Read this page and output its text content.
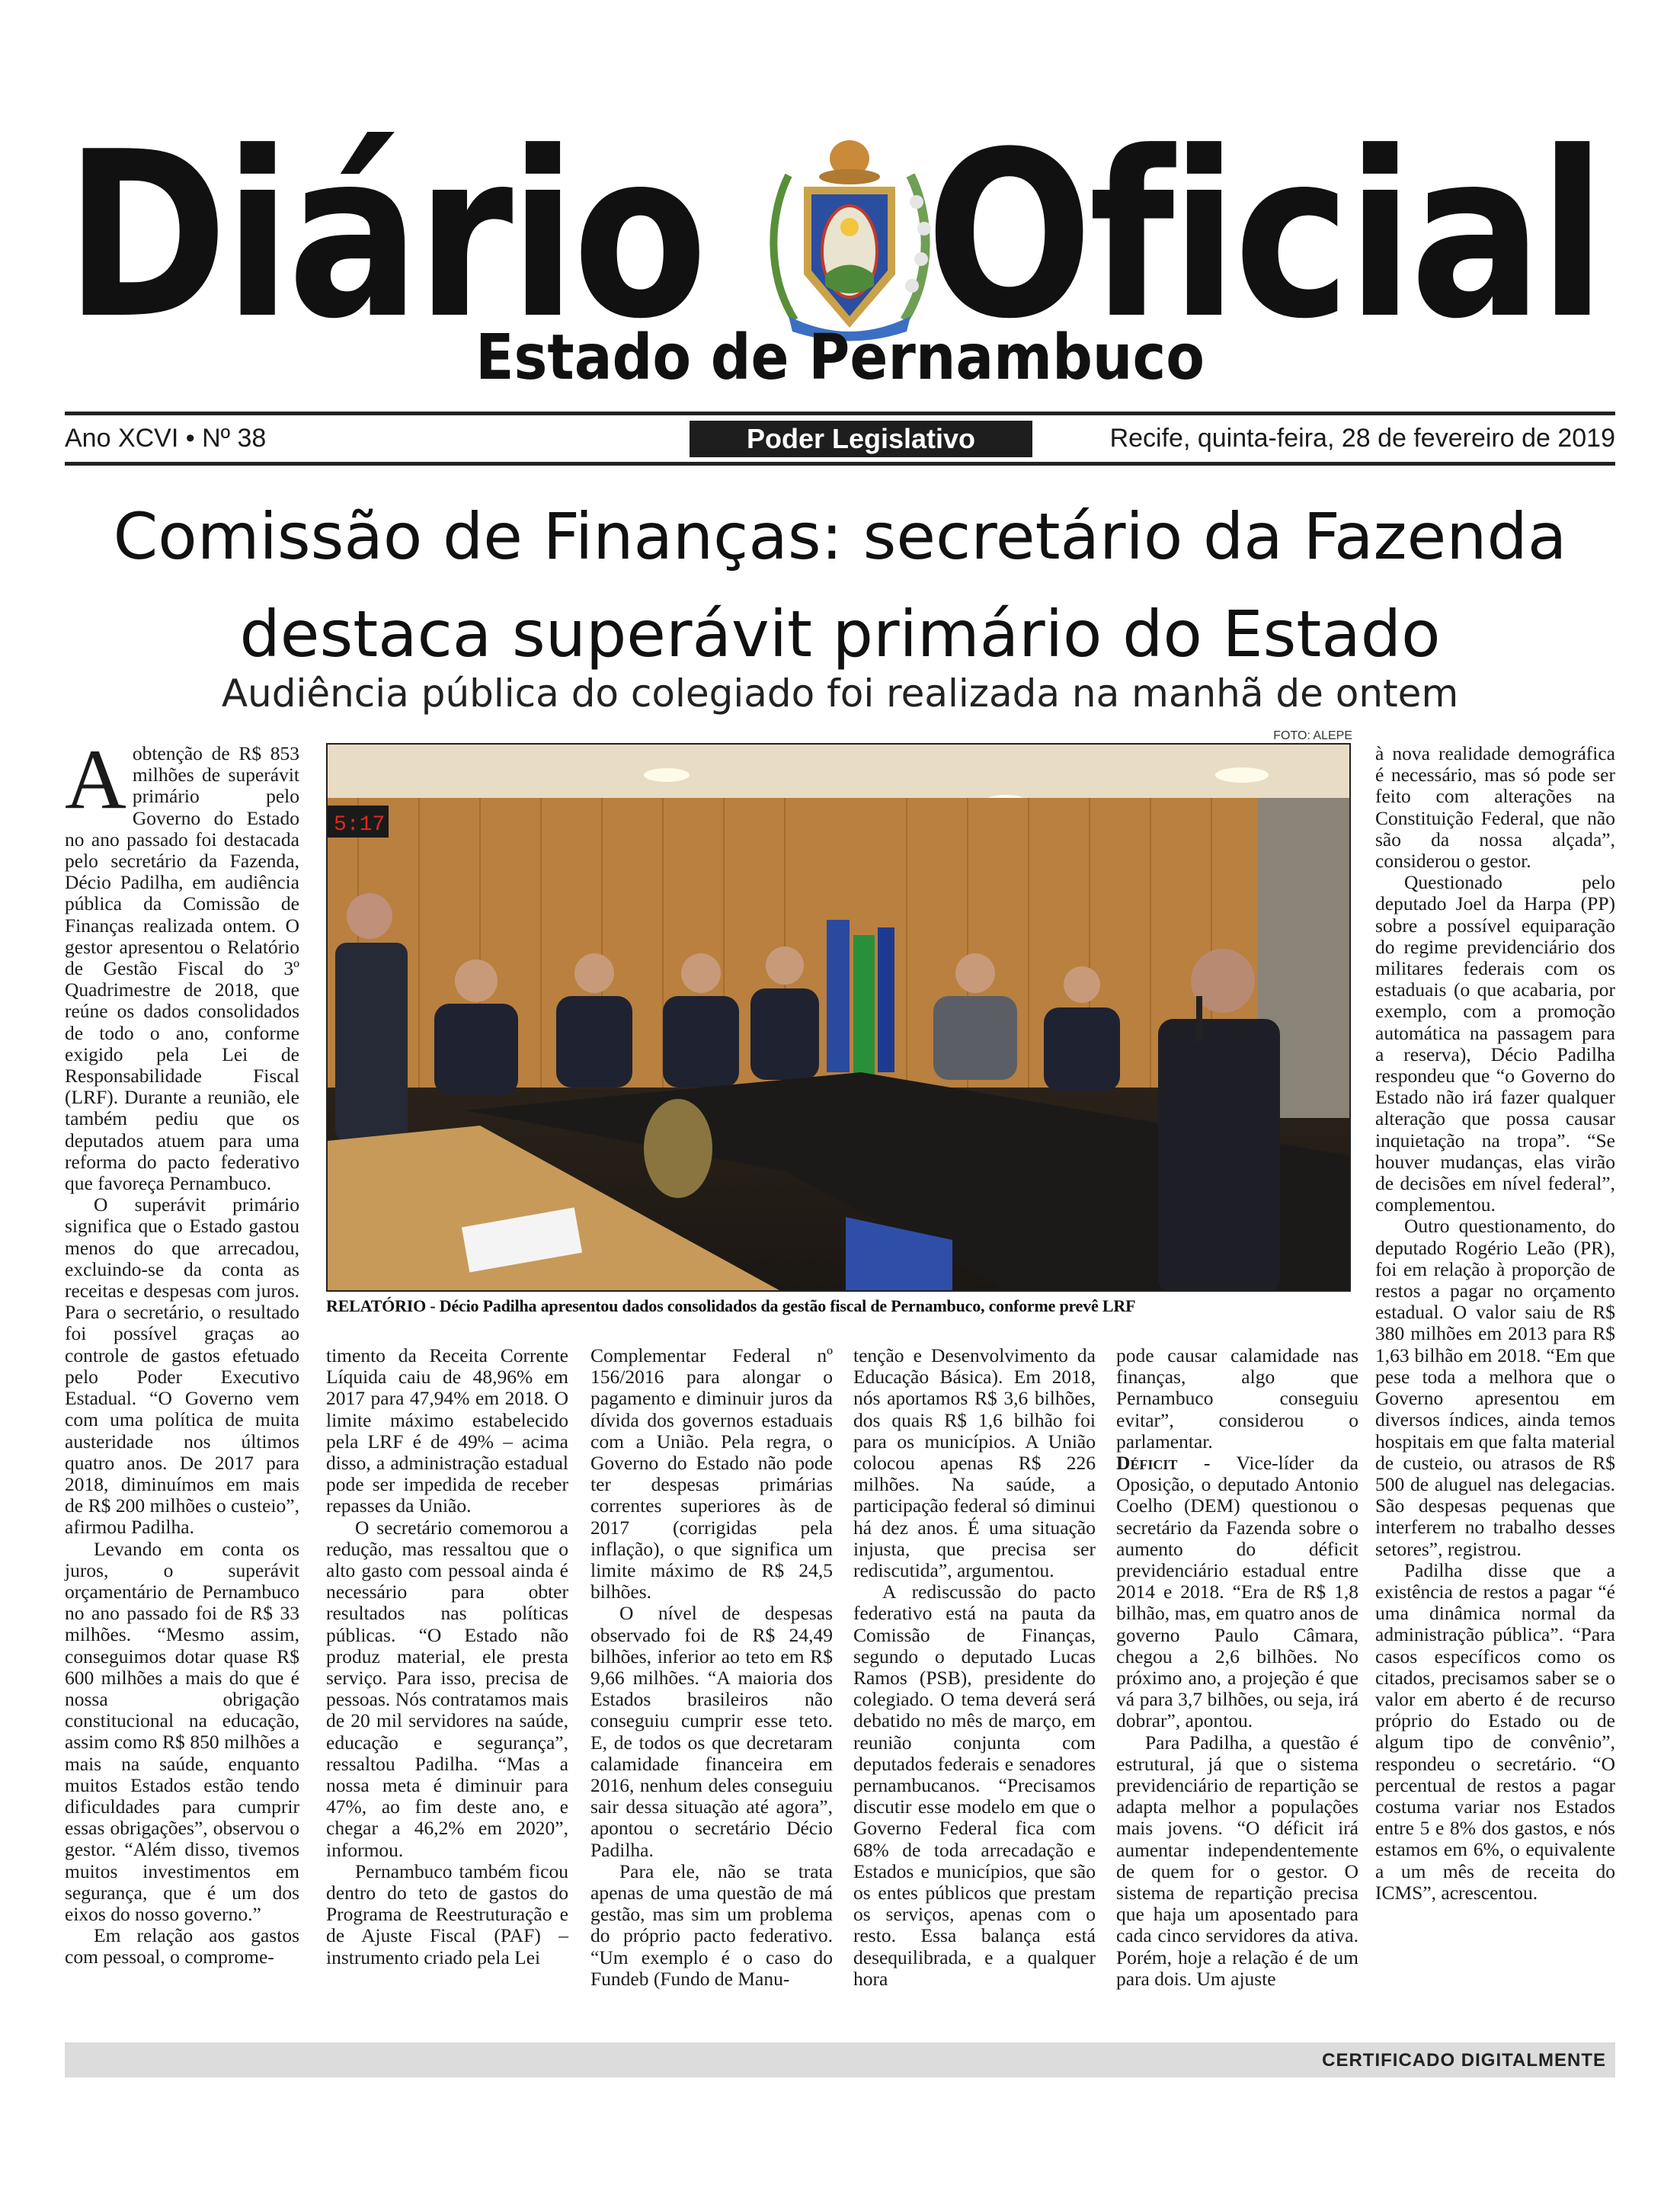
Diário Oficial
Estado de Pernambuco
Ano XCVI • Nº 38	Poder Legislativo	Recife, quinta-feira, 28 de fevereiro de 2019
Comissão de Finanças: secretário da Fazenda
destaca superávit primário do Estado
Audiência pública do colegiado foi realizada na manhã de ontem
FOTO: ALEPE
5:17
RELATÓRIO - Décio Padilha apresentou dados consolidados da gestão fiscal de Pernambuco, conforme prevê LRF

A obtenção de R$ 853 milhões de superávit primário pelo Governo do Estado no ano passado foi destacada pelo secretário da Fazenda, Décio Padilha, em audiência pública da Comissão de Finanças realizada ontem. O gestor apresentou o Relatório de Gestão Fiscal do 3º Quadrimestre de 2018, que reúne os dados consolidados de todo o ano, conforme exigido pela Lei de Responsabilidade Fiscal (LRF). Durante a reunião, ele também pediu que os deputados atuem para uma reforma do pacto federativo que favoreça Pernambuco.

O superávit primário significa que o Estado gastou menos do que arrecadou, excluindo-se da conta as receitas e despesas com juros. Para o secretário, o resultado foi possível graças ao controle de gastos efetuado pelo Poder Executivo Estadual. “O Governo vem com uma política de muita austeridade nos últimos quatro anos. De 2017 para 2018, diminuímos em mais de R$ 200 milhões o custeio”, afirmou Padilha.

Levando em conta os juros, o superávit orçamentário de Pernambuco no ano passado foi de R$ 33 milhões. “Mesmo assim, conseguimos dotar quase R$ 600 milhões a mais do que é nossa obrigação constitucional na educação, assim como R$ 850 milhões a mais na saúde, enquanto muitos Estados estão tendo dificuldades para cumprir essas obrigações”, observou o gestor. “Além disso, tivemos muitos investimentos em segurança, que é um dos eixos do nosso governo.”

Em relação aos gastos com pessoal, o comprome-

timento da Receita Corrente Líquida caiu de 48,96% em 2017 para 47,94% em 2018. O limite máximo estabelecido pela LRF é de 49% – acima disso, a administração estadual pode ser impedida de receber repasses da União.

O secretário comemorou a redução, mas ressaltou que o alto gasto com pessoal ainda é necessário para obter resultados nas políticas públicas. “O Estado não produz material, ele presta serviço. Para isso, precisa de pessoas. Nós contratamos mais de 20 mil servidores na saúde, educação e segurança”, ressaltou Padilha. “Mas a nossa meta é diminuir para 47%, ao fim deste ano, e chegar a 46,2% em 2020”, informou.

Pernambuco também ficou dentro do teto de gastos do Programa de Reestruturação e de Ajuste Fiscal (PAF) – instrumento criado pela Lei

Complementar Federal nº 156/2016 para alongar o pagamento e diminuir juros da dívida dos governos estaduais com a União. Pela regra, o Governo do Estado não pode ter despesas primárias correntes superiores às de 2017 (corrigidas pela inflação), o que significa um limite máximo de R$ 24,5 bilhões.

O nível de despesas observado foi de R$ 24,49 bilhões, inferior ao teto em R$ 9,66 milhões. “A maioria dos Estados brasileiros não conseguiu cumprir esse teto. E, de todos os que decretaram calamidade financeira em 2016, nenhum deles conseguiu sair dessa situação até agora”, apontou o secretário Décio Padilha.

Para ele, não se trata apenas de uma questão de má gestão, mas sim um problema do próprio pacto federativo. “Um exemplo é o caso do Fundeb (Fundo de Manu-

tenção e Desenvolvimento da Educação Básica). Em 2018, nós aportamos R$ 3,6 bilhões, dos quais R$ 1,6 bilhão foi para os municípios. A União colocou apenas R$ 226 milhões. Na saúde, a participação federal só diminui há dez anos. É uma situação injusta, que precisa ser rediscutida”, argumentou.

A rediscussão do pacto federativo está na pauta da Comissão de Finanças, segundo o deputado Lucas Ramos (PSB), presidente do colegiado. O tema deverá será debatido no mês de março, em reunião conjunta com deputados federais e senadores pernambucanos. “Precisamos discutir esse modelo em que o Governo Federal fica com 68% de toda arrecadação e Estados e municípios, que são os entes públicos que prestam os serviços, apenas com o resto. Essa balança está desequilibrada, e a qualquer hora

pode causar calamidade nas finanças, algo que Pernambuco conseguiu evitar”, considerou o parlamentar.

Déficit - Vice-líder da Oposição, o deputado Antonio Coelho (DEM) questionou o secretário da Fazenda sobre o aumento do déficit previdenciário estadual entre 2014 e 2018. “Era de R$ 1,8 bilhão, mas, em quatro anos de governo Paulo Câmara, chegou a 2,6 bilhões. No próximo ano, a projeção é que vá para 3,7 bilhões, ou seja, irá dobrar”, apontou.

Para Padilha, a questão é estrutural, já que o sistema previdenciário de repartição se adapta melhor a populações mais jovens. “O déficit irá aumentar independentemente de quem for o gestor. O sistema de repartição precisa que haja um aposentado para cada cinco servidores da ativa. Porém, hoje a relação é de um para dois. Um ajuste

à nova realidade demográfica é necessário, mas só pode ser feito com alterações na Constituição Federal, que não são da nossa alçada”, considerou o gestor.

Questionado pelo deputado Joel da Harpa (PP) sobre a possível equiparação do regime previdenciário dos militares federais com os estaduais (o que acabaria, por exemplo, com a promoção automática na passagem para a reserva), Décio Padilha respondeu que “o Governo do Estado não irá fazer qualquer alteração que possa causar inquietação na tropa”. “Se houver mudanças, elas virão de decisões em nível federal”, complementou.

Outro questionamento, do deputado Rogério Leão (PR), foi em relação à proporção de restos a pagar no orçamento estadual. O valor saiu de R$ 380 milhões em 2013 para R$ 1,63 bilhão em 2018. “Em que pese toda a melhora que o Governo apresentou em diversos índices, ainda temos hospitais em que falta material de custeio, ou atrasos de R$ 500 de aluguel nas delegacias. São despesas pequenas que interferem no trabalho desses setores”, registrou.

Padilha disse que a existência de restos a pagar “é uma dinâmica normal da administração pública”. “Para casos específicos como os citados, precisamos saber se o valor em aberto é de recurso próprio do Estado ou de algum tipo de convênio”, respondeu o secretário. “O percentual de restos a pagar costuma variar nos Estados entre 5 e 8% dos gastos, e nós estamos em 6%, o equivalente a um mês de receita do ICMS”, acrescentou.

CERTIFICADO DIGITALMENTE
